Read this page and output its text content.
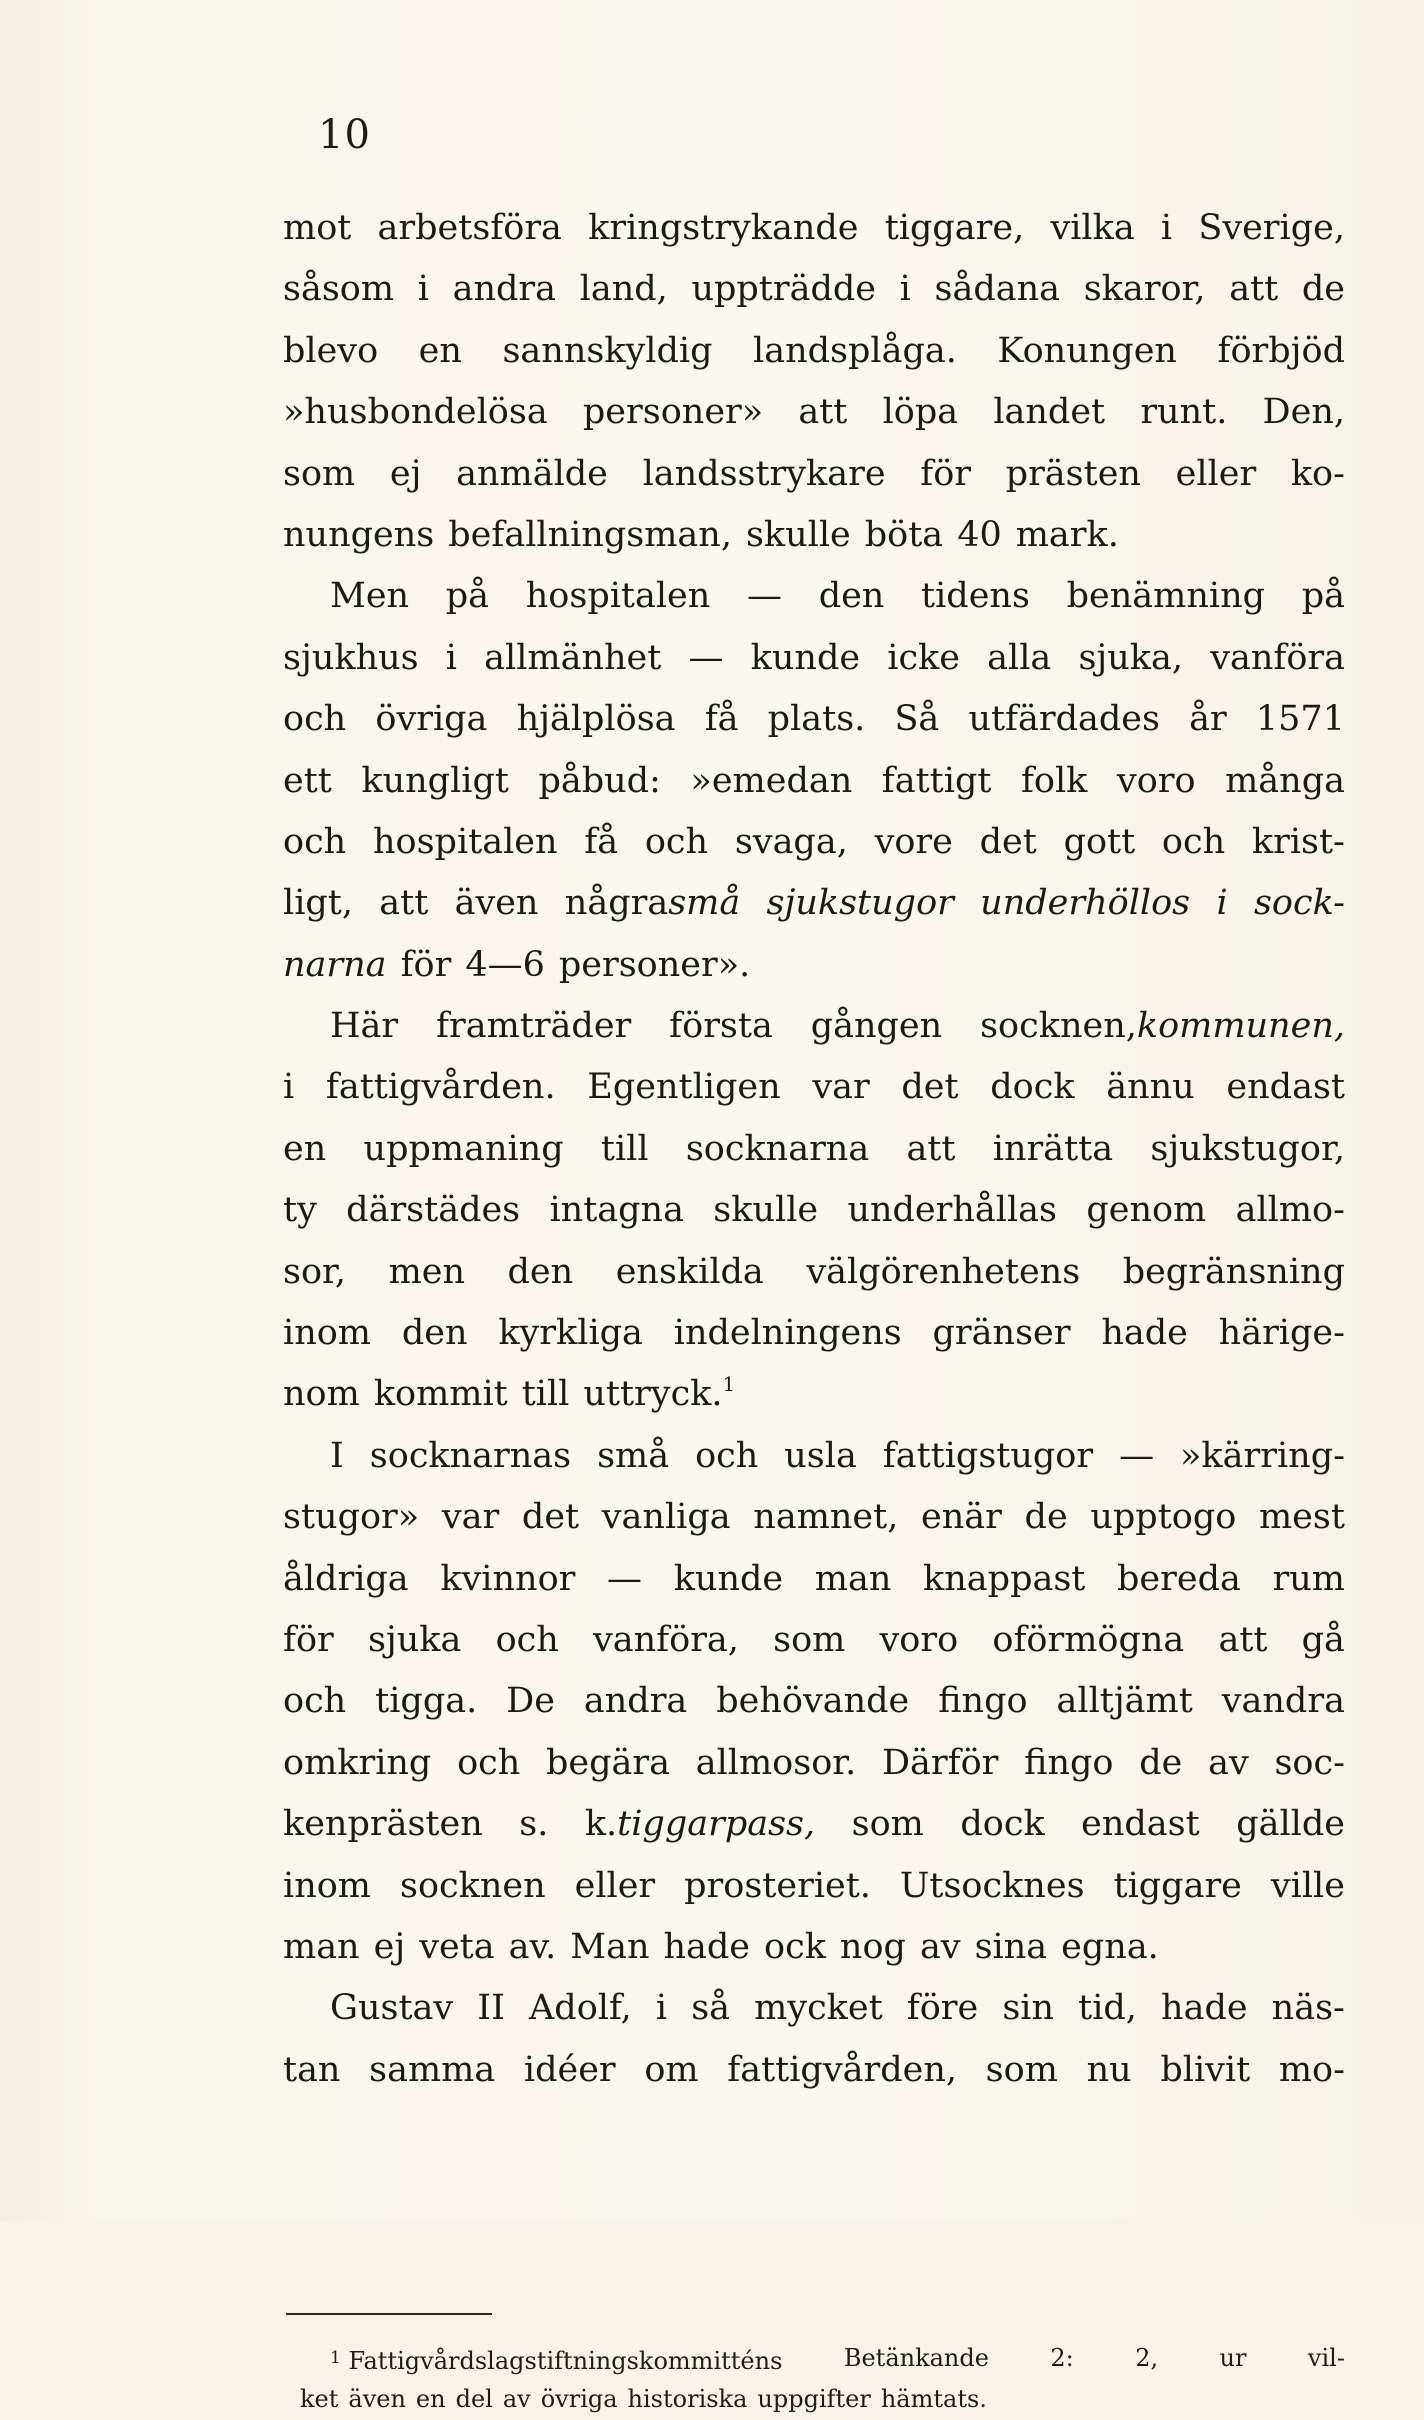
10
mot arbetsföra kringstrykande tiggare, vilka i Sverige,
såsom i andra land, uppträdde i sådana skaror, att de
blevo en sannskyldig landsplåga. Konungen förbjöd
»husbondelösa personer» att löpa landet runt. Den,
som ej anmälde landsstrykare för prästen eller ko-
nungens befallningsman, skulle böta 40 mark.
Men på hospitalen — den tidens benämning på
sjukhus i allmänhet — kunde icke alla sjuka, vanföra
och övriga hjälplösa få plats. Så utfärdades år 1571
ett kungligt påbud: »emedan fattigt folk voro många
och hospitalen få och svaga, vore det gott och krist-
ligt, att även någrasmå sjukstugor underhöllos i sock-
narna för 4—6 personer».
Här framträder första gången socknen,kommunen,
i fattigvården. Egentligen var det dock ännu endast
en uppmaning till socknarna att inrätta sjukstugor,
ty därstädes intagna skulle underhållas genom allmo-
sor, men den enskilda välgörenhetens begränsning
inom den kyrkliga indelningens gränser hade härige-
nom kommit till uttryck.$^1$
I socknarnas små och usla fattigstugor — »kärring-
stugor» var det vanliga namnet, enär de upptogo mest
åldriga kvinnor — kunde man knappast bereda rum
för sjuka och vanföra, som voro oförmögna att gå
och tigga. De andra behövande fingo alltjämt vandra
omkring och begära allmosor. Därför fingo de av soc-
kenprästen s. k.tiggarpass, som dock endast gällde
inom socknen eller prosteriet. Utsocknes tiggare ville
man ej veta av. Man hade ock nog av sina egna.
Gustav II Adolf, i så mycket före sin tid, hade näs-
tan samma idéer om fattigvården, som nu blivit mo-
$^1$ Fattigvårdslagstiftningskommitténs	Betänkande	2:	2,	ur	vil-
ket även en del av övriga historiska uppgifter hämtats.
